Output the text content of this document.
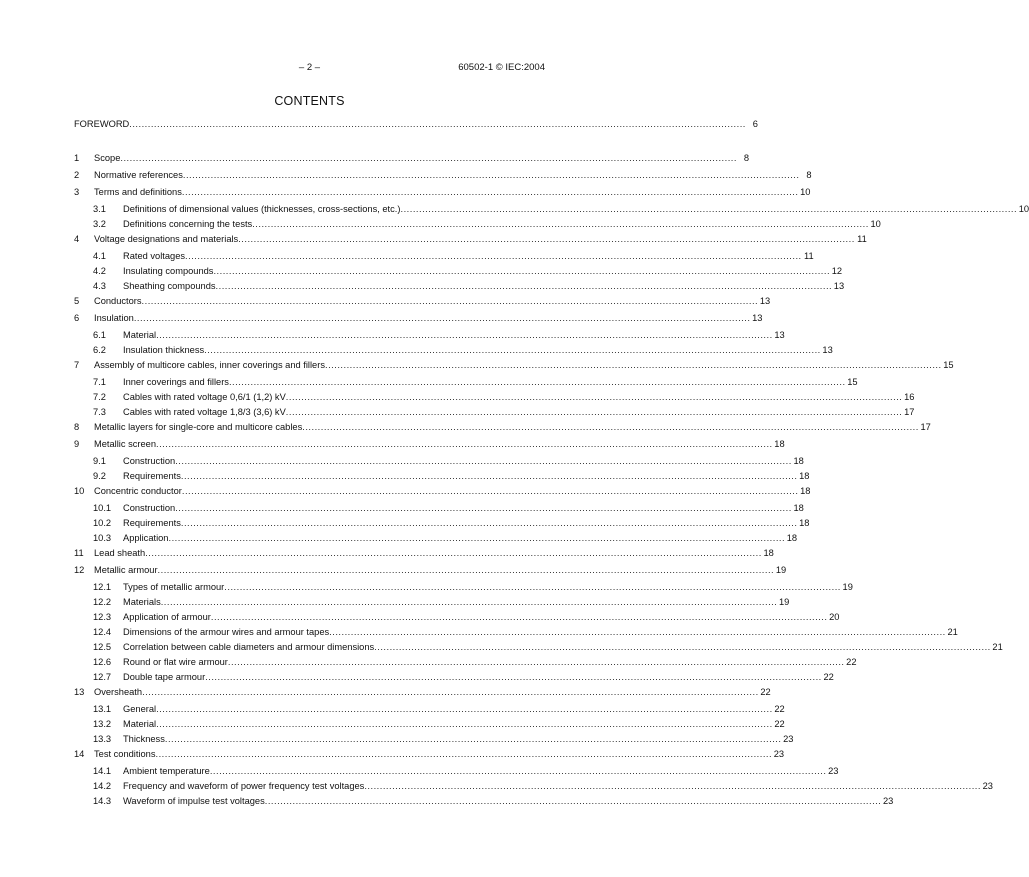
– 2 –	60502-1 © IEC:2004
CONTENTS
FOREWORD .....	6
1	Scope .....	8
2	Normative references .....	8
3	Terms and definitions .....	10
3.1	Definitions of dimensional values (thicknesses, cross-sections, etc.) .....	10
3.2	Definitions concerning the tests .....	10
4	Voltage designations and materials .....	11
4.1	Rated voltages .....	11
4.2	Insulating compounds .....	12
4.3	Sheathing compounds .....	13
5	Conductors .....	13
6	Insulation .....	13
6.1	Material .....	13
6.2	Insulation thickness .....	13
7	Assembly of multicore cables, inner coverings and fillers .....	15
7.1	Inner coverings and fillers .....	15
7.2	Cables with rated voltage 0,6/1 (1,2) kV .....	16
7.3	Cables with rated voltage 1,8/3 (3,6) kV .....	17
8	Metallic layers for single-core and multicore cables .....	17
9	Metallic screen .....	18
9.1	Construction .....	18
9.2	Requirements .....	18
10	Concentric conductor .....	18
10.1	Construction .....	18
10.2	Requirements .....	18
10.3	Application .....	18
11	Lead sheath .....	18
12	Metallic armour .....	19
12.1	Types of metallic armour .....	19
12.2	Materials .....	19
12.3	Application of armour .....	20
12.4	Dimensions of the armour wires and armour tapes .....	21
12.5	Correlation between cable diameters and armour dimensions .....	21
12.6	Round or flat wire armour .....	22
12.7	Double tape armour .....	22
13	Oversheath .....	22
13.1	General .....	22
13.2	Material .....	22
13.3	Thickness .....	23
14	Test conditions .....	23
14.1	Ambient temperature .....	23
14.2	Frequency and waveform of power frequency test voltages .....	23
14.3	Waveform of impulse test voltages .....	23
